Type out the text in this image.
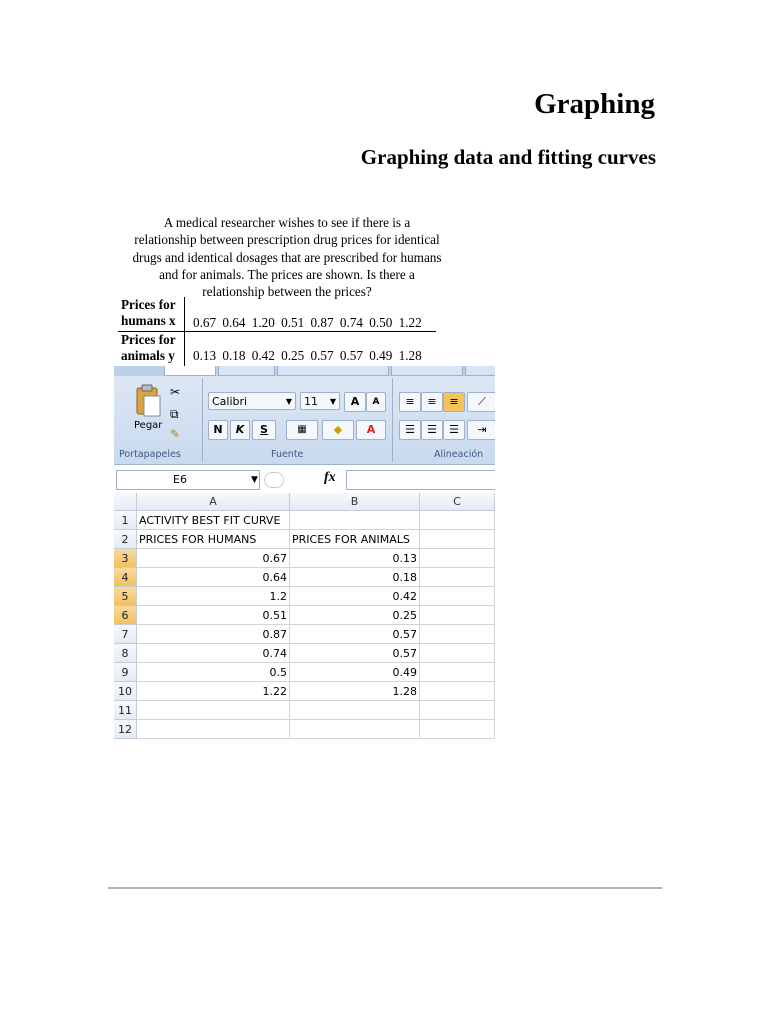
Graphing
Graphing data and fitting curves

A medical researcher wishes to see if there is a relationship between prescription drug prices for identical drugs and identical dosages that are prescribed for humans and for animals. The prices are shown. Is there a relationship between the prices?

Prices for
humans x 0.67 0.64 1.20 0.51 0.87 0.74 0.50 1.22
Prices for
animals y	0.13 0.18 0.42 0.25 0.57 0.57 0.49 1.28
Pegar
✂
⧉
✎
Portapapeles
Calibri	▼	11 ▼	A	A
N	K	S	▦	◆	A
Fuente
≡	≡	≡	⟋
☰	☰	☰	⇥
Alineación
E6	▼	fx
A	B	C
1 ACTIVITY BEST FIT CURVE
2 PRICES FOR HUMANS	PRICES FOR ANIMALS
3	0.67	0.13
4	0.64	0.18
5	1.2	0.42
6	0.51	0.25
7	0.87	0.57
8	0.74	0.57
9	0.5	0.49
10	1.22	1.28
11
12
